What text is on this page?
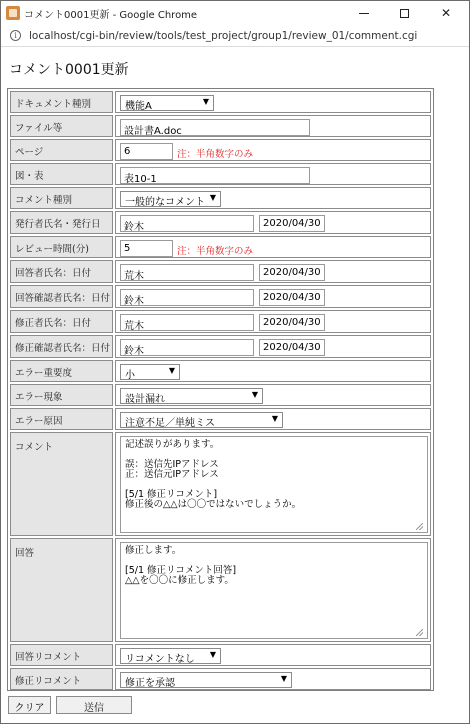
コメント0001更新 - Google Chrome	✕
i	localhost/cgi-bin/review/tools/test_project/group1/review_01/comment.cgi
コメント0001更新
ドキュメント種別	機能A	▼
ファイル等	設計書A.doc
ページ	6	注：半角数字のみ
図・表	表10-1
コメント種別	一般的なコメント ▼
発行者氏名・発行日	鈴木	2020/04/30
レビュー時間(分)	5	注：半角数字のみ
回答者氏名：日付	荒木	2020/04/30
回答確認者氏名：日付	鈴木	2020/04/30
修正者氏名：日付	荒木	2020/04/30
修正確認者氏名：日付	鈴木	2020/04/30
エラー重要度	小	▼
エラー現象	設計漏れ	▼
エラー原因	注意不足／単純ミス	▼
コメント	記述誤りがあります。

誤：送信先IPアドレス
正：送信元IPアドレス

[5/1 修正リコメント]
修正後の△△は〇〇ではないでしょうか。
回答	修正します。

[5/1 修正リコメント回答]
△△を〇〇に修正します。
回答リコメント	リコメントなし ▼
修正リコメント	修正を承認	▼
クリア	送信
